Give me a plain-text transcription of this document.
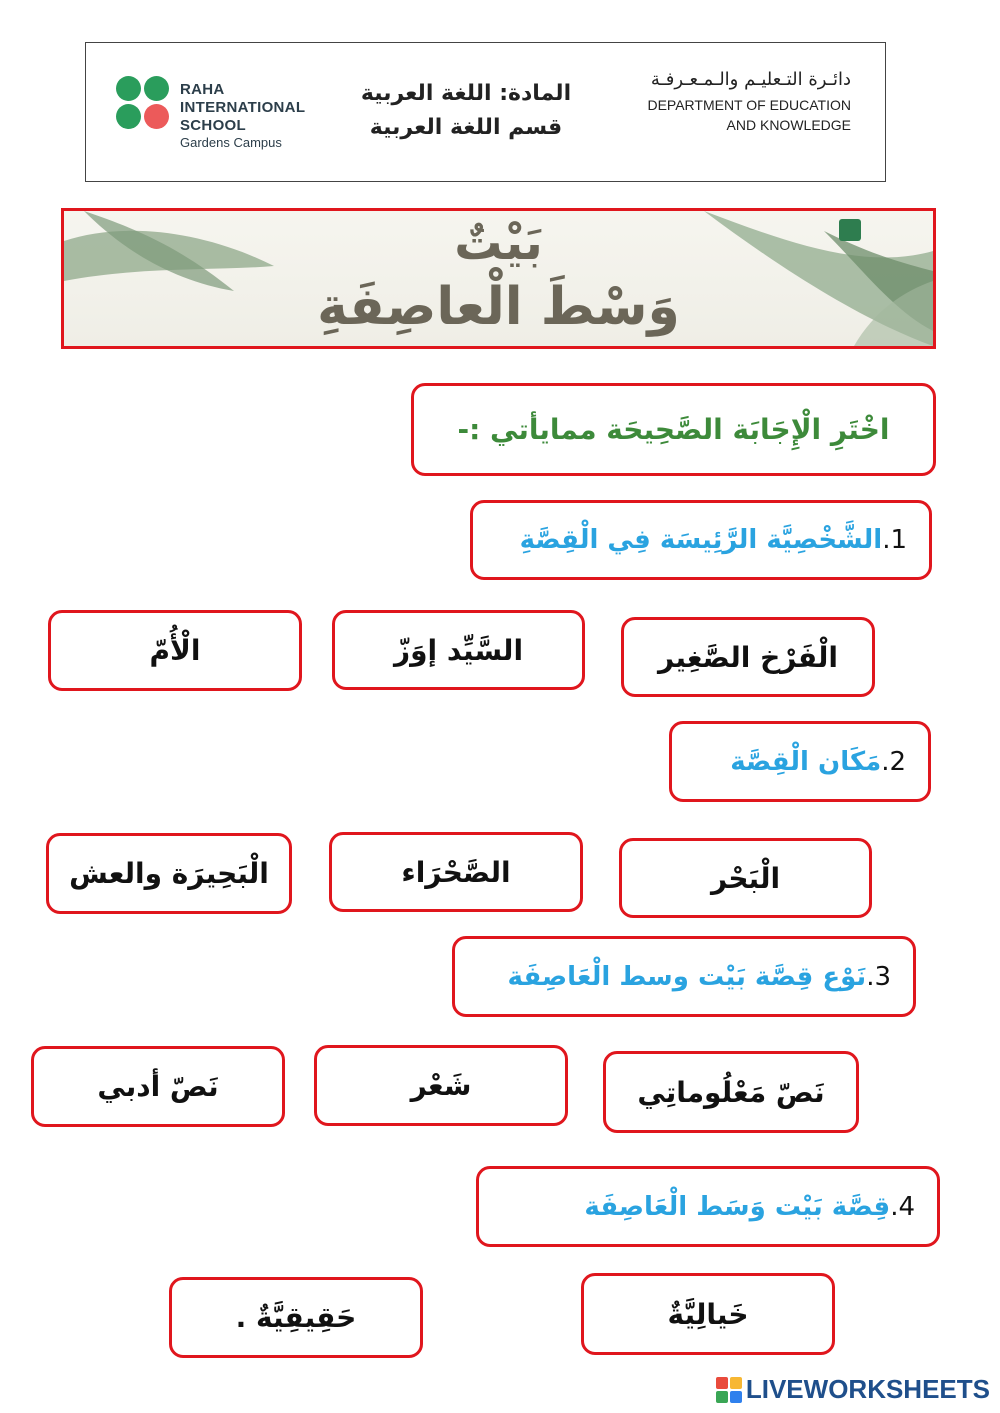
RAHA
INTERNATIONAL
SCHOOL
Gardens Campus
المادة: اللغة العربية
قسم اللغة العربية
دائـرة التـعليـم والـمـعـرفـة
DEPARTMENT OF EDUCATION
AND KNOWLEDGE
بَيْتٌ
وَسْطَ الْعاصِفَةِ
اخْتَرِ الْإِجَابَة الصَّحِيحَة ممايأتي :-
1.
الشَّخْصِيَّة الرَّئِيسَة فِي الْقِصَّةِ
الْفَرْخ الصَّغِير
السَّيِّد إوَزّ
الْأُمّ
2.
مَكَان الْقِصَّة
الْبَحْر
الصَّحْرَاء
الْبَحِيرَة والعش
3.
نَوْع قِصَّة بَيْت وسط الْعَاصِفَة
نَصّ مَعْلُوماتِي
شَعْر
نَصّ أدبي
4.
قِصَّة بَيْت وَسَط الْعَاصِفَة
خَيالِيَّةٌ
حَقِيقِيَّةٌ .
LIVEWORKSHEETS
